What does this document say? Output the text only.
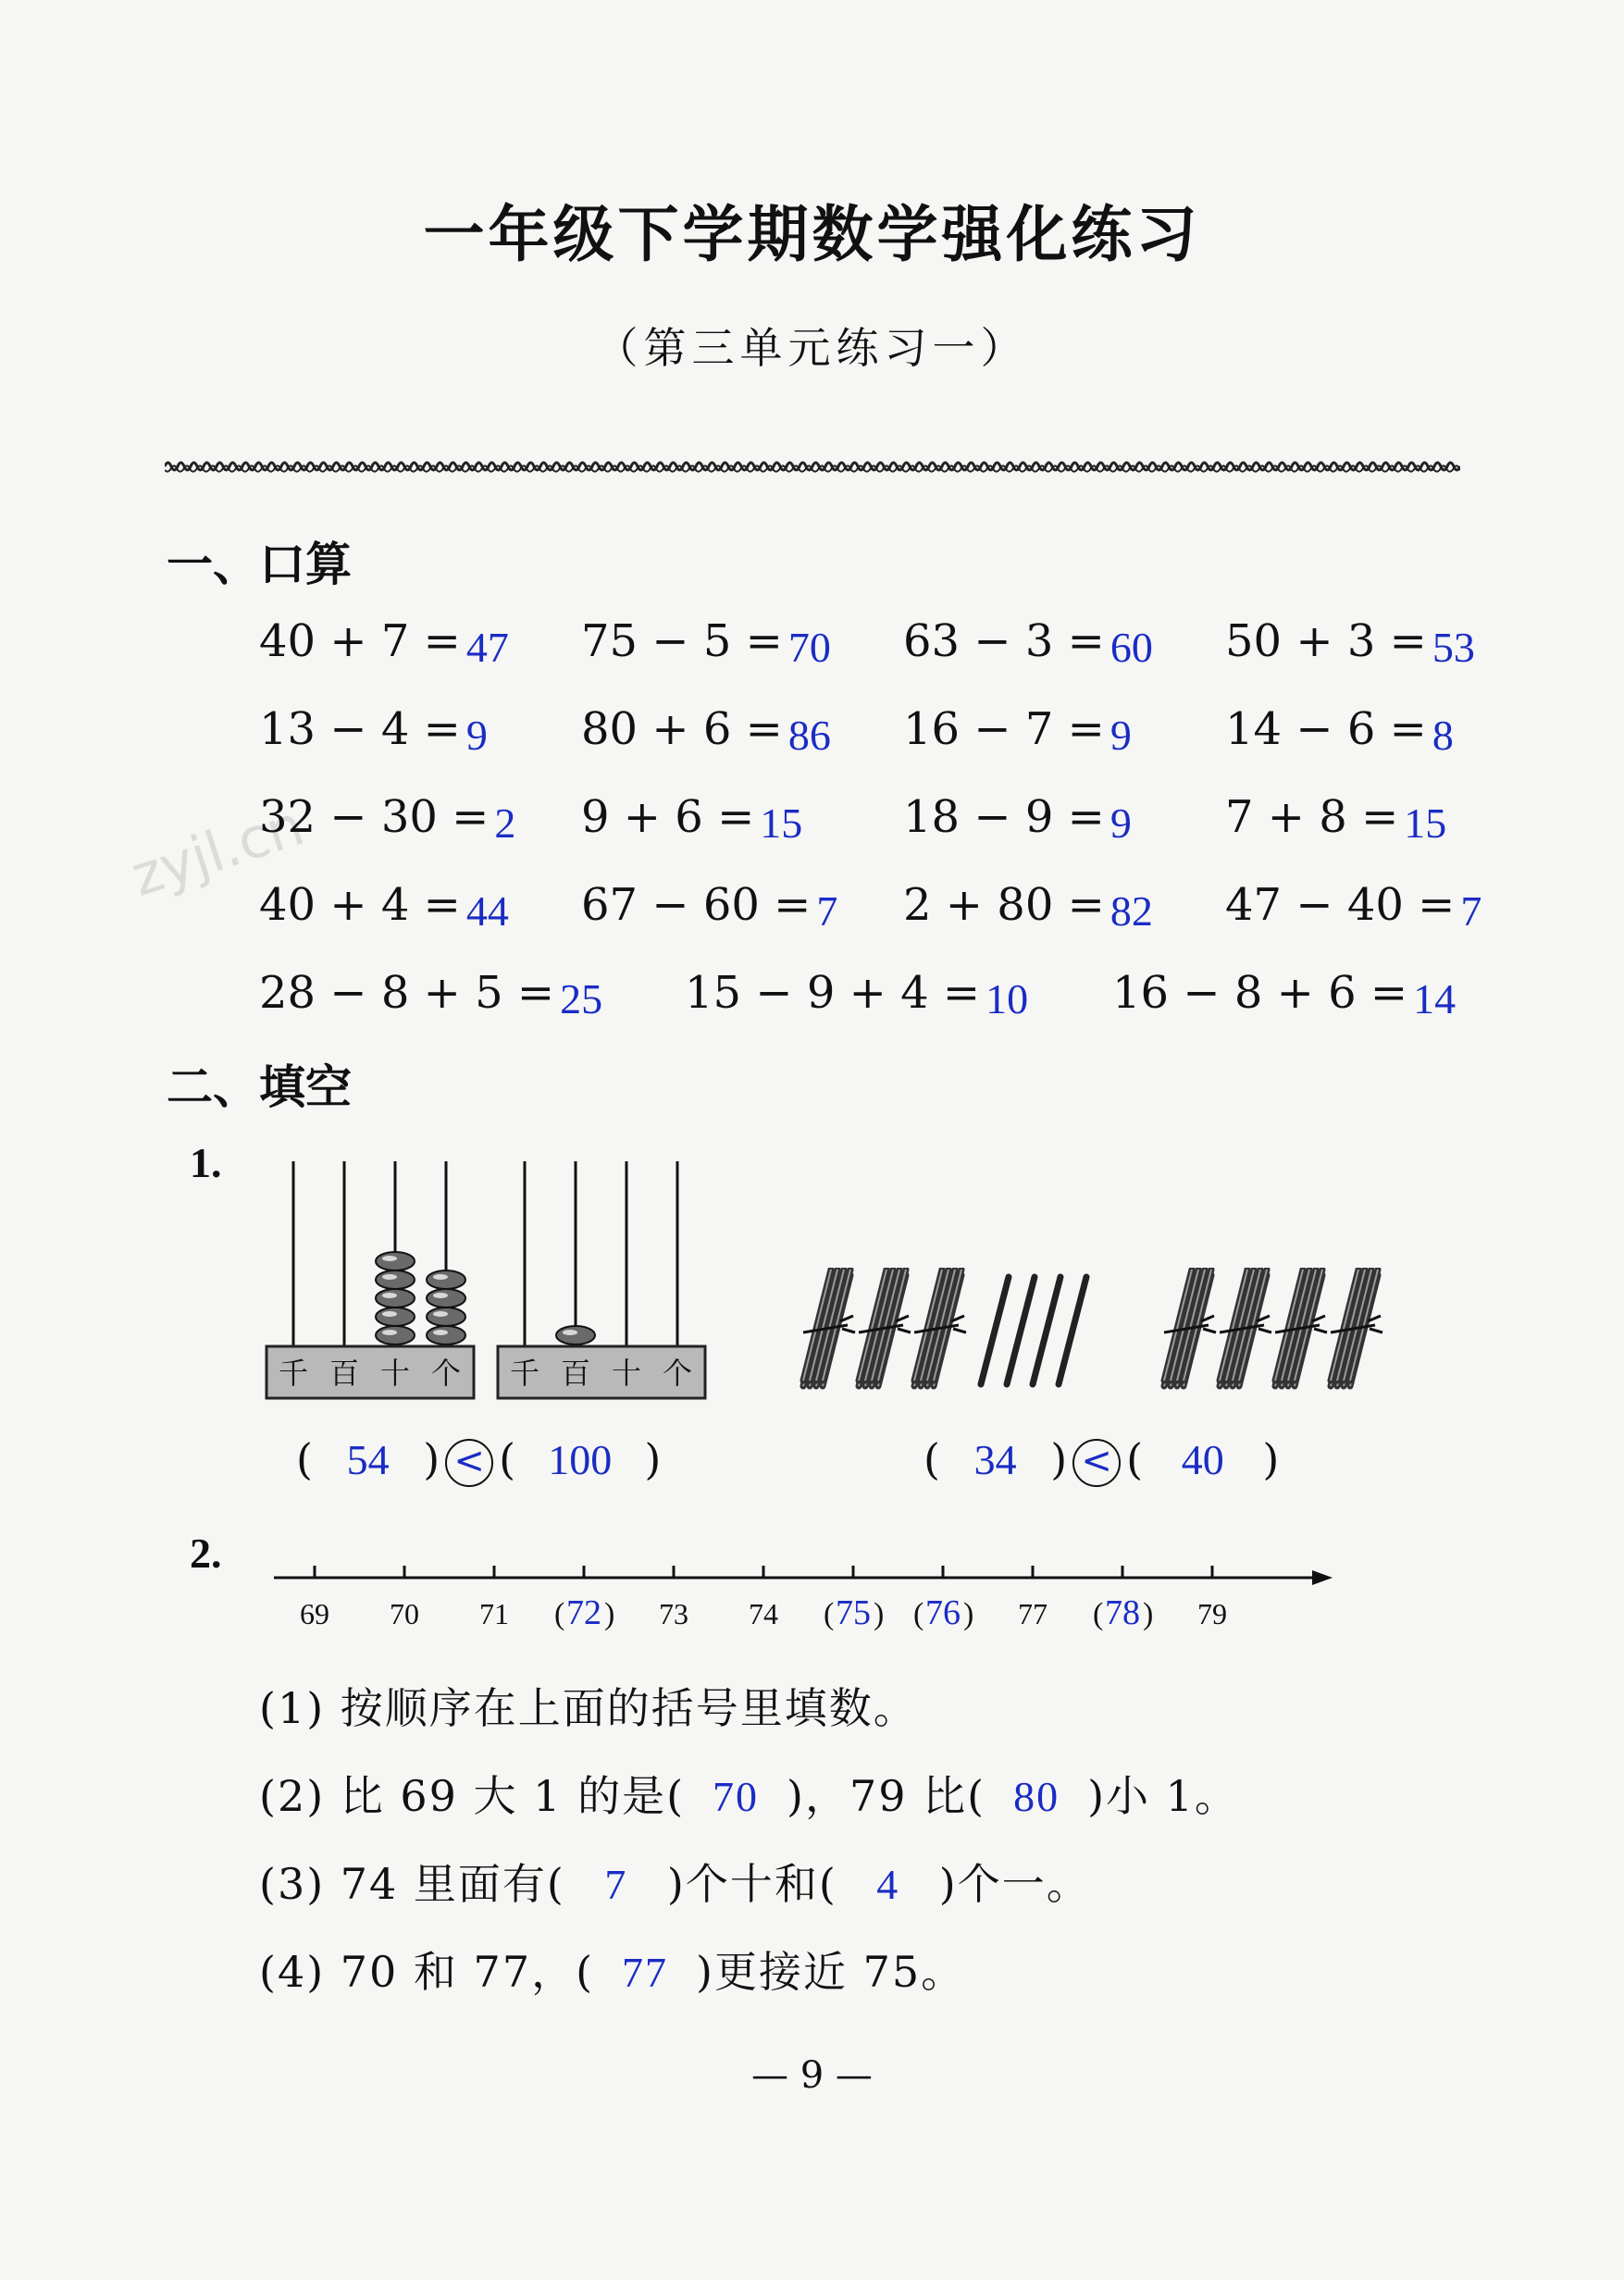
一年级下学期数学强化练习
（第三单元练习一）
zyjl.cn
一、口算
40 + 7 = 47 75 − 5 = 70 63 − 3 = 60 50 + 3 = 53
13 − 4 = 9 80 + 6 = 86 16 − 7 = 9 14 − 6 = 8
32 − 30 = 2 9 + 6 = 15 18 − 9 = 9 7 + 8 = 15
40 + 4 = 44 67 − 60 = 7 2 + 80 = 82 47 − 40 = 7
28 − 8 + 5 = 25 15 − 9 + 4 = 10 16 − 8 + 6 = 14
二、填空
1.
千 百 十 个 千 百 十 个
( 54 ) < ( 100 )	( 34 ) < ( 40 )
2.
69 70 71 ( )
72 73 74 ( )
75 ( )
76 77 ( )
78 79
(1) 按顺序在上面的括号里填数。
(2) 比 69 大 1 的是( 70 )，79 比( 80 )小 1。
(3) 74 里面有( 7 )个十和( 4 )个一。
(4) 70 和 77，( 77 )更接近 75。
— 9 —
